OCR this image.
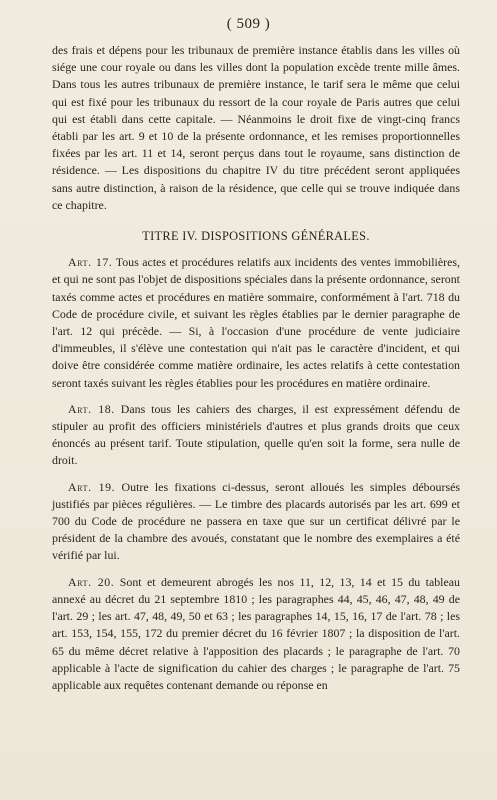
( 509 )

des frais et dépens pour les tribunaux de première instance établis dans les villes où siége une cour royale ou dans les villes dont la population excède trente mille âmes. Dans tous les autres tribunaux de première instance, le tarif sera le même que celui qui est fixé pour les tribunaux du ressort de la cour royale de Paris autres que celui qui est établi dans cette capitale. — Néanmoins le droit fixe de vingt-cinq francs établi par les art. 9 et 10 de la présente ordonnance, et les remises proportionnelles fixées par les art. 11 et 14, seront perçus dans tout le royaume, sans distinction de résidence. — Les dispositions du chapitre IV du titre précédent seront appliquées sans autre distinction, à raison de la résidence, que celle qui se trouve indiquée dans ce chapitre.

TITRE IV. DISPOSITIONS GÉNÉRALES.

Art. 17. Tous actes et procédures relatifs aux incidents des ventes immobilières, et qui ne sont pas l'objet de dispositions spéciales dans la présente ordonnance, seront taxés comme actes et procédures en matière sommaire, conformément à l'art. 718 du Code de procédure civile, et suivant les règles établies par le dernier paragraphe de l'art. 12 qui précède. — Si, à l'occasion d'une procédure de vente judiciaire d'immeubles, il s'élève une contestation qui n'ait pas le caractère d'incident, et qui doive être considérée comme matière ordinaire, les actes relatifs à cette contestation seront taxés suivant les règles établies pour les procédures en matière ordinaire.

Art. 18. Dans tous les cahiers des charges, il est expressément défendu de stipuler au profit des officiers ministériels d'autres et plus grands droits que ceux énoncés au présent tarif. Toute stipulation, quelle qu'en soit la forme, sera nulle de droit.

Art. 19. Outre les fixations ci-dessus, seront alloués les simples déboursés justifiés par pièces régulières. — Le timbre des placards autorisés par les art. 699 et 700 du Code de procédure ne passera en taxe que sur un certificat délivré par le président de la chambre des avoués, constatant que le nombre des exemplaires a été vérifié par lui.

Art. 20. Sont et demeurent abrogés les nos 11, 12, 13, 14 et 15 du tableau annexé au décret du 21 septembre 1810 ; les paragraphes 44, 45, 46, 47, 48, 49 de l'art. 29 ; les art. 47, 48, 49, 50 et 63 ; les paragraphes 14, 15, 16, 17 de l'art. 78 ; les art. 153, 154, 155, 172 du premier décret du 16 février 1807 ; la disposition de l'art. 65 du même décret relative à l'apposition des placards ; le paragraphe de l'art. 70 applicable à l'acte de signification du cahier des charges ; le paragraphe de l'art. 75 applicable aux requêtes contenant demande ou réponse en
